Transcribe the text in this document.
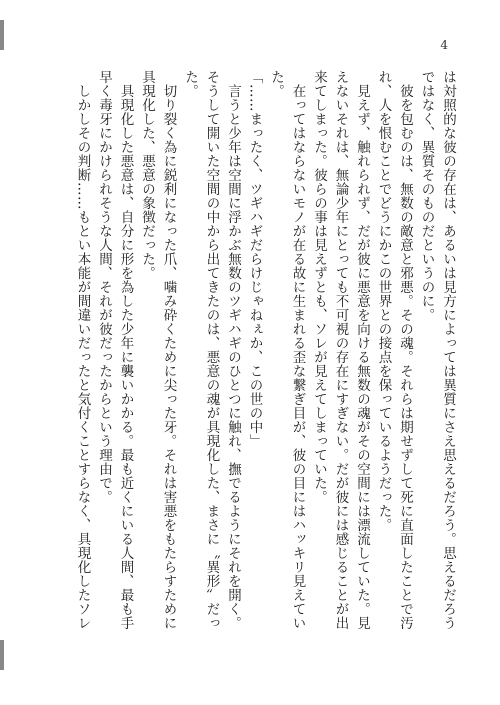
4

は対照的な彼の存在は、あるいは見方によっては異質にさえ思えるだろう。思えるだろう

ではなく、異質そのものだというのに。

　彼を包むのは、無数の敵意と邪悪。その魂。それらは期せずして死に直面したことで汚

れ、人を恨むことでどうにかこの世界との接点を保っているようだった。

　見えず、触れられず、だが彼に悪意を向ける無数の魂がその空間には漂流していた。見

えないそれは、無論少年にとっても不可視の存在にすぎない。だが彼には感じることが出

来てしまった。彼らの事は見えずとも、ソレが見えてしまっていた。

　在ってはならないモノが在る故に生まれる歪な繋ぎ目が、彼の目にはハッキリ見えてい

た。

「……まったく、ツギハギだらけじゃねぇか、この世の中」

　言うと少年は空間に浮かぶ無数のツギハギのひとつに触れ、撫でるようにそれを開く。

そうして開いた空間の中から出てきたのは、悪意の魂が具現化した、まさに〝異形〟だっ

た。

　切り裂く為に鋭利になった爪、噛み砕くために尖った牙。それは害悪をもたらすために

具現化した、悪意の象徴だった。

　具現化した悪意は、自分に形を為した少年に襲いかかる。最も近くにいる人間、最も手

早く毒牙にかけられそうな人間、それが彼だったからという理由で。

　しかしその判断……もとい本能が間違いだったと気付くことすらなく、具現化したソレ
